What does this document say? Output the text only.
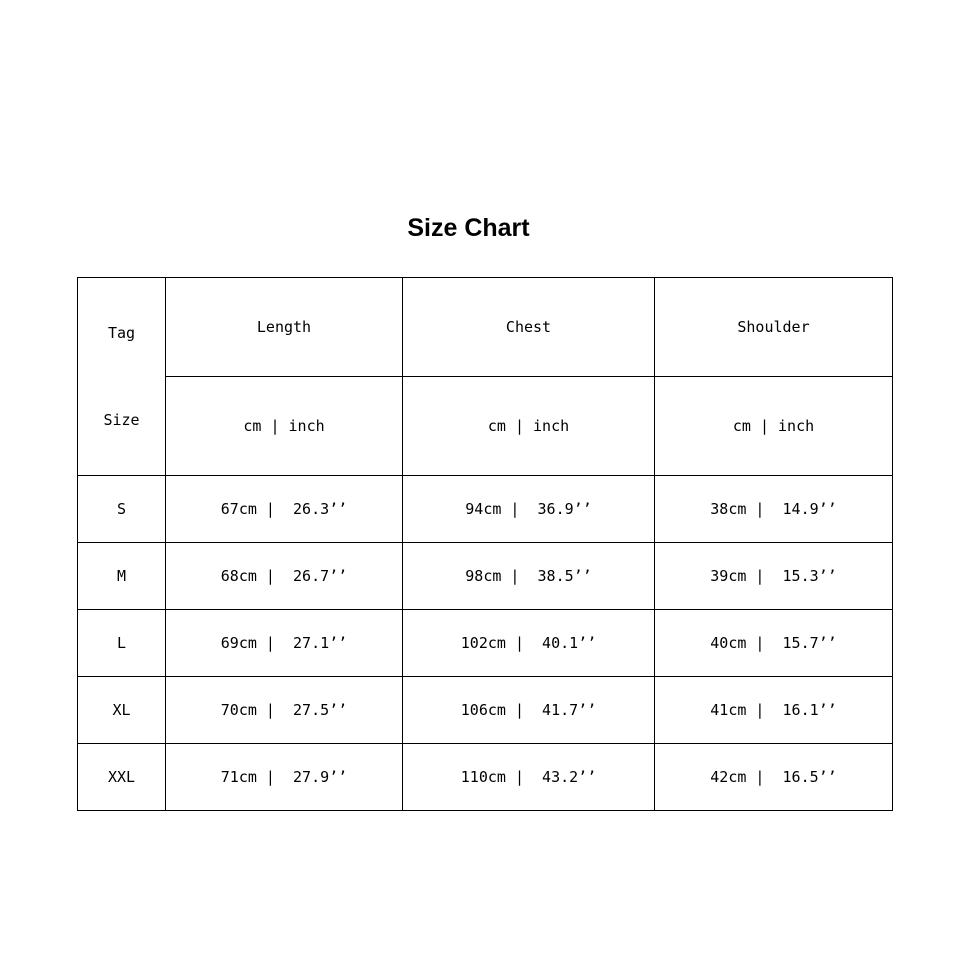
Size Chart

Tag

Size	Length	Chest	Shoulder
	cm | inch	cm | inch	cm | inch
S	67cm |  26.3’’	94cm |  36.9’’	38cm |  14.9’’
M	68cm |  26.7’’	98cm |  38.5’’	39cm |  15.3’’
L	69cm |  27.1’’	102cm |  40.1’’	40cm |  15.7’’
XL	70cm |  27.5’’	106cm |  41.7’’	41cm |  16.1’’
XXL	71cm |  27.9’’	110cm |  43.2’’	42cm |  16.5’’
